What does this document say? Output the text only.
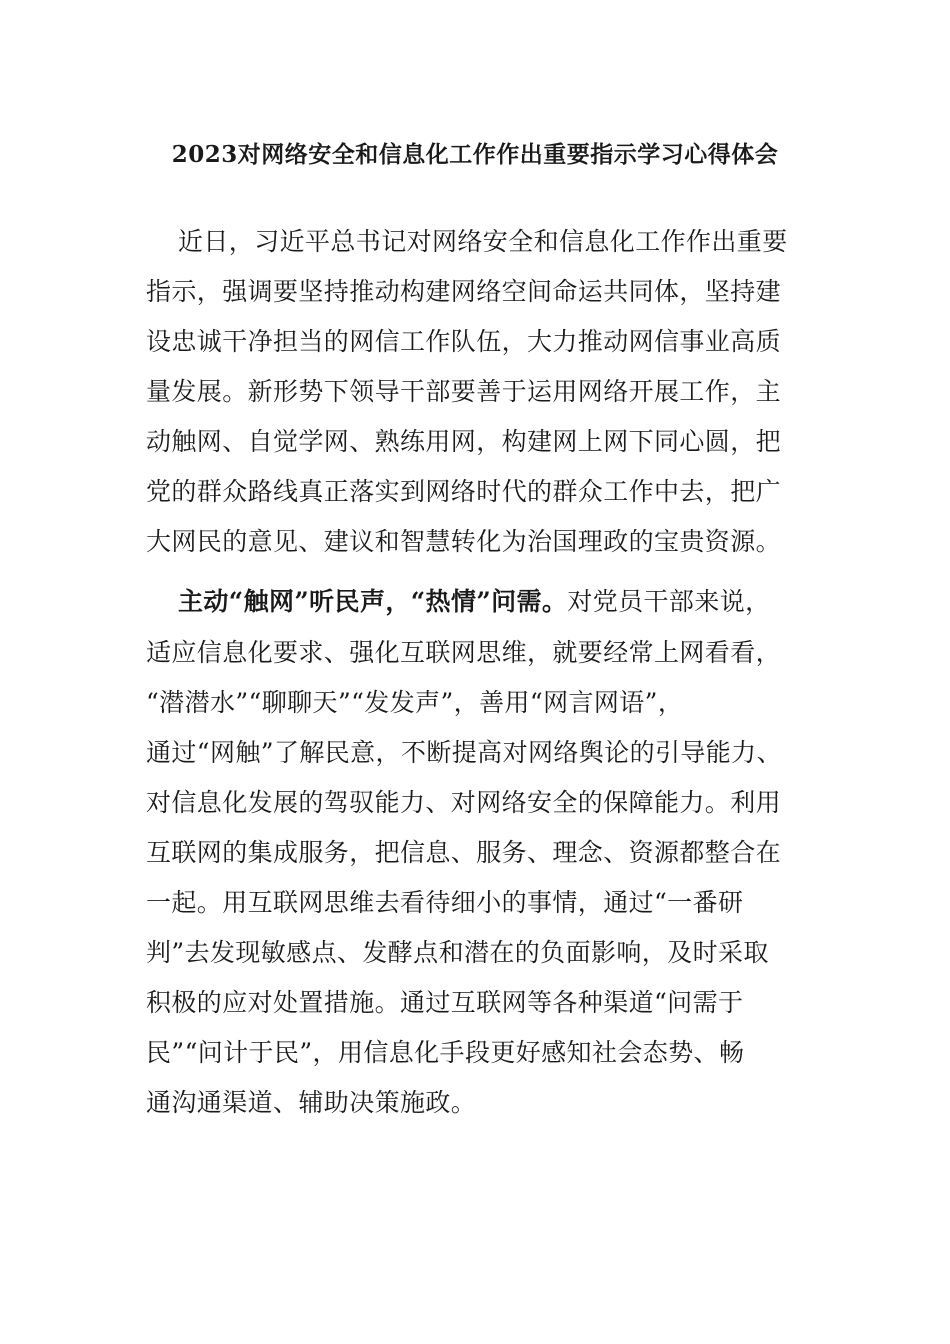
2023对网络安全和信息化工作作出重要指示学习心得体会
近日，习近平总书记对网络安全和信息化工作作出重要
指示，强调要坚持推动构建网络空间命运共同体，坚持建
设忠诚干净担当的网信工作队伍，大力推动网信事业高质
量发展。新形势下领导干部要善于运用网络开展工作，主
动触网、自觉学网、熟练用网，构建网上网下同心圆，把
党的群众路线真正落实到网络时代的群众工作中去，把广
大网民的意见、建议和智慧转化为治国理政的宝贵资源。
主动“触网”听民声，“热情”问需。对党员干部来说，
适应信息化要求、强化互联网思维，就要经常上网看看，
“潜潜水”“聊聊天”“发发声”，善用“网言网语”，
通过“网触”了解民意，不断提高对网络舆论的引导能力、
对信息化发展的驾驭能力、对网络安全的保障能力。利用
互联网的集成服务，把信息、服务、理念、资源都整合在
一起。用互联网思维去看待细小的事情，通过“一番研
判”去发现敏感点、发酵点和潜在的负面影响，及时采取
积极的应对处置措施。通过互联网等各种渠道“问需于
民”“问计于民”，用信息化手段更好感知社会态势、畅
通沟通渠道、辅助决策施政。
